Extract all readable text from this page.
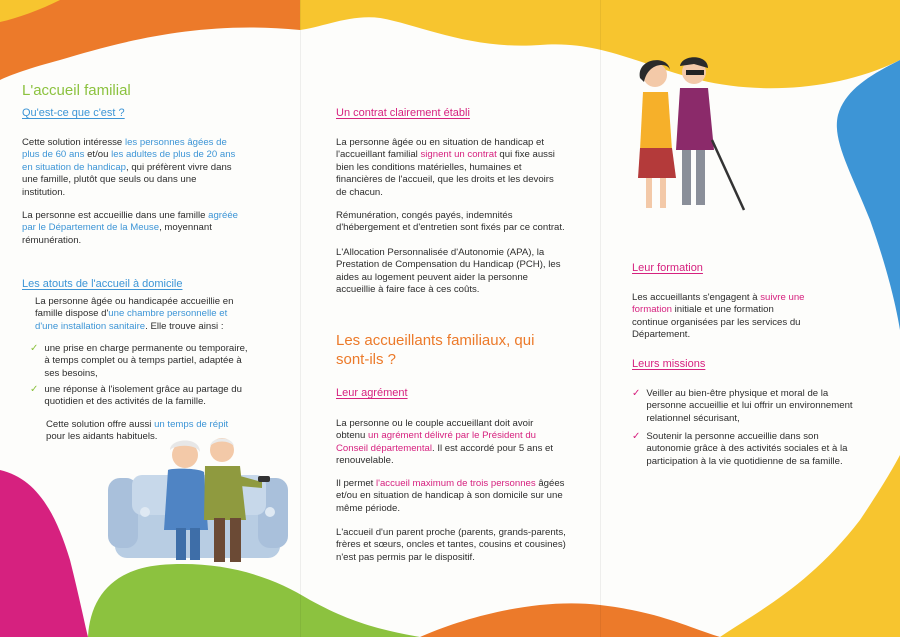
L'accueil familial
Qu'est-ce que c'est ?

Cette solution intéresse les personnes âgées de plus de 60 ans et/ou les adultes de plus de 20 ans en situation de handicap, qui préfèrent vivre dans une famille, plutôt que seuls ou dans une institution.

La personne est accueillie dans une famille agréée par le Département de la Meuse, moyennant rémunération.

Les atouts de l'accueil à domicile

La personne âgée ou handicapée accueillie en famille dispose d'une chambre personnelle et d'une installation sanitaire. Elle trouve ainsi :

✓ une prise en charge permanente ou temporaire, à temps complet ou à temps partiel, adaptée à ses besoins,

✓ une réponse à l'isolement grâce au partage du quotidien et des activités de la famille.

Cette solution offre aussi un temps de répit pour les aidants habituels.

Un contrat clairement établi

La personne âgée ou en situation de handicap et l'accueillant familial signent un contrat qui fixe aussi bien les conditions matérielles, humaines et financières de l'accueil, que les droits et les devoirs de chacun.

Rémunération, congés payés, indemnités d'hébergement et d'entretien sont fixés par ce contrat.

L'Allocation Personnalisée d'Autonomie (APA), la Prestation de Compensation du Handicap (PCH), les aides au logement peuvent aider la personne accueillie à faire face à ces coûts.

Les accueillants familiaux, qui sont-ils ?
Leur agrément

La personne ou le couple accueillant doit avoir obtenu un agrément délivré par le Président du Conseil départemental. Il est accordé pour 5 ans et renouvelable.

Il permet l'accueil maximum de trois personnes âgées et/ou en situation de handicap à son domicile sur une même période.

L'accueil d'un parent proche (parents, grands-parents, frères et sœurs, oncles et tantes, cousins et cousines) n'est pas permis par le dispositif.

Leur formation

Les accueillants s'engagent à suivre une formation initiale et une formation continue organisées par les services du Département.

Leurs missions
✓ Veiller au bien-être physique et moral de la personne accueillie et lui offrir un environnement relationnel sécurisant,

✓ Soutenir la personne accueillie dans son autonomie grâce à des activités sociales et à la participation à la vie quotidienne de sa famille.
